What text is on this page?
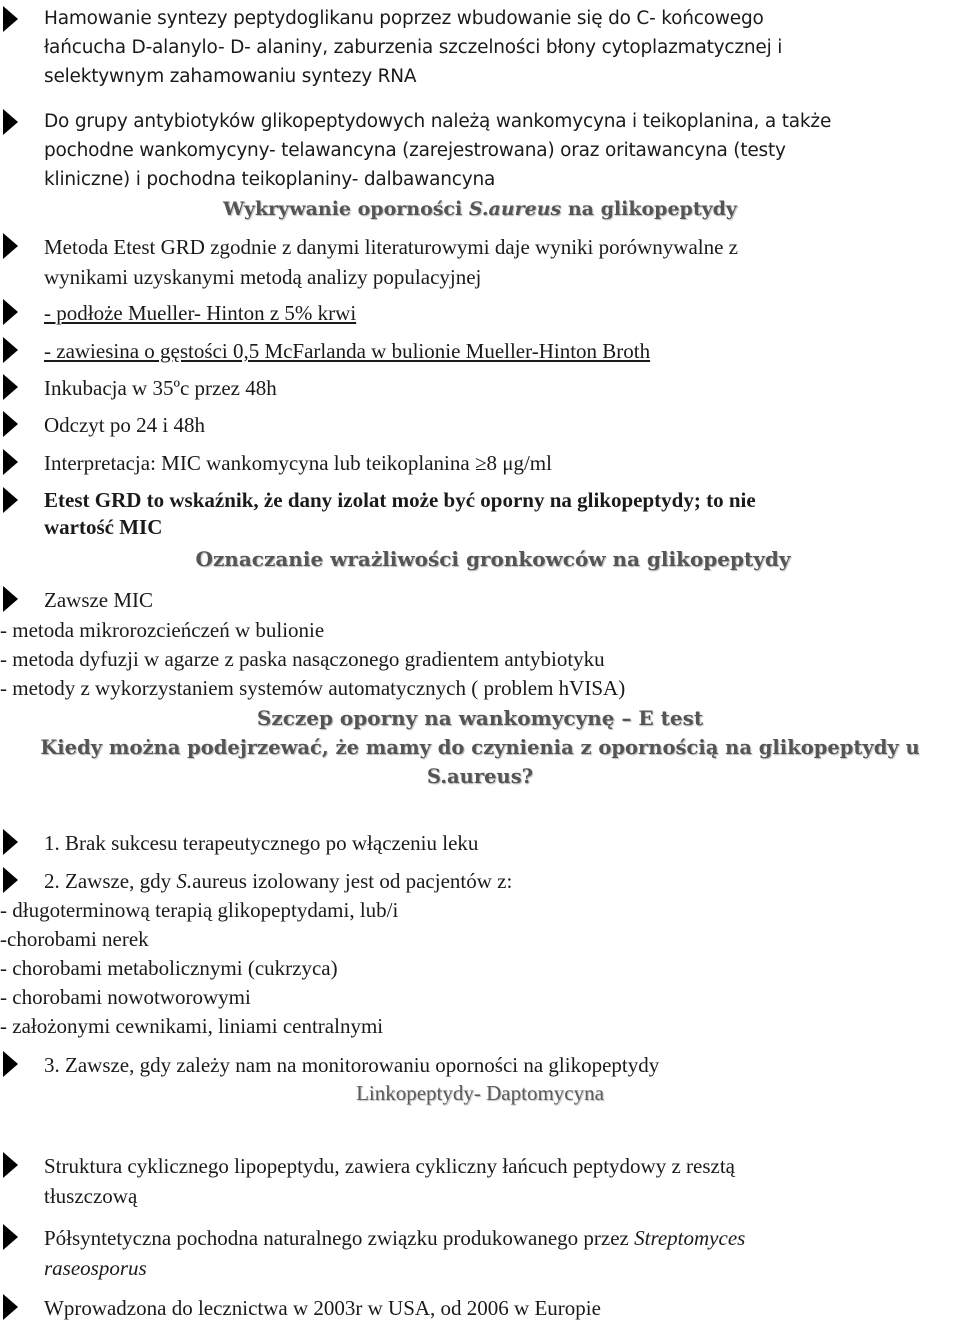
Hamowanie syntezy peptydoglikanu poprzez wbudowanie się do C- końcowego
łańcucha D-alanylo- D- alaniny, zaburzenia szczelności błony cytoplazmatycznej i
selektywnym zahamowaniu syntezy RNA
Do grupy antybiotyków glikopeptydowych należą wankomycyna i teikoplanina, a także
pochodne wankomycyny- telawancyna (zarejestrowana) oraz oritawancyna (testy
kliniczne) i pochodna teikoplaniny- dalbawancyna
Wykrywanie oporności S.aureus na glikopeptydy
Metoda Etest GRD zgodnie z danymi literaturowymi daje wyniki porównywalne z
wynikami uzyskanymi metodą analizy populacyjnej
- podłoże Mueller- Hinton z 5% krwi
- zawiesina o gęstości 0,5 McFarlanda w bulionie Mueller-Hinton Broth
Inkubacja w 35ºc przez 48h
Odczyt po 24 i 48h
Interpretacja: MIC wankomycyna lub teikoplanina ≥8 μg/ml
Etest GRD to wskaźnik, że dany izolat może być oporny na glikopeptydy; to nie
wartość MIC
Oznaczanie wrażliwości gronkowców na glikopeptydy
Zawsze MIC
- metoda mikrorozcieńczeń w bulionie
- metoda dyfuzji w agarze z paska nasączonego gradientem antybiotyku
- metody z wykorzystaniem systemów automatycznych ( problem hVISA)
Szczep oporny na wankomycynę – E test
Kiedy można podejrzewać, że mamy do czynienia z opornością na glikopeptydy u
S.aureus?
1. Brak sukcesu terapeutycznego po włączeniu leku
2. Zawsze, gdy S.aureus izolowany jest od pacjentów z:
- długoterminową terapią glikopeptydami, lub/i
-chorobami nerek
- chorobami metabolicznymi (cukrzyca)
- chorobami nowotworowymi
- założonymi cewnikami, liniami centralnymi
3. Zawsze, gdy zależy nam na monitorowaniu oporności na glikopeptydy
Linkopeptydy- Daptomycyna
Struktura cyklicznego lipopeptydu, zawiera cykliczny łańcuch peptydowy z resztą
tłuszczową
Półsyntetyczna pochodna naturalnego związku produkowanego przez Streptomyces
raseosporus
Wprowadzona do lecznictwa w 2003r w USA, od 2006 w Europie
